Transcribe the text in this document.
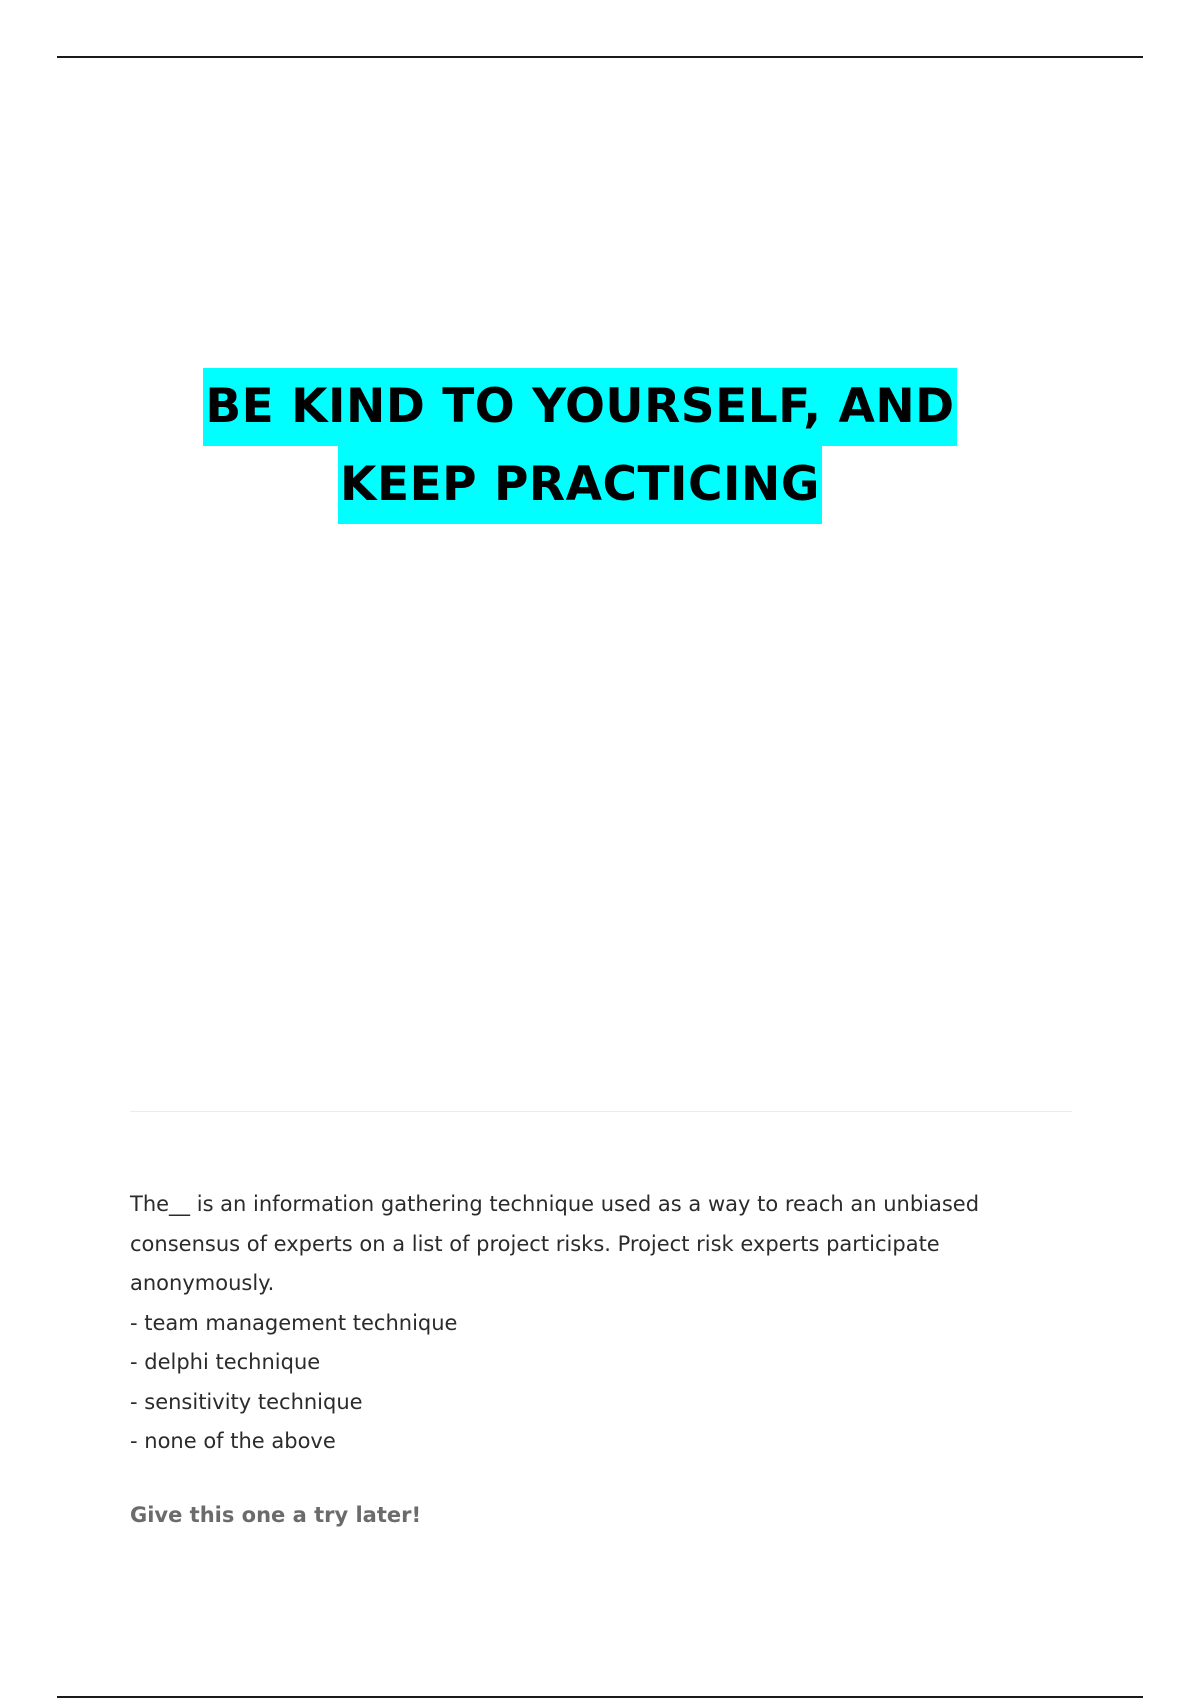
BE KIND TO YOURSELF, AND
KEEP PRACTICING

The__ is an information gathering technique used as a way to reach an unbiased consensus of experts on a list of project risks. Project risk experts participate anonymously.

- team management technique
- delphi technique
- sensitivity technique
- none of the above
Give this one a try later!
